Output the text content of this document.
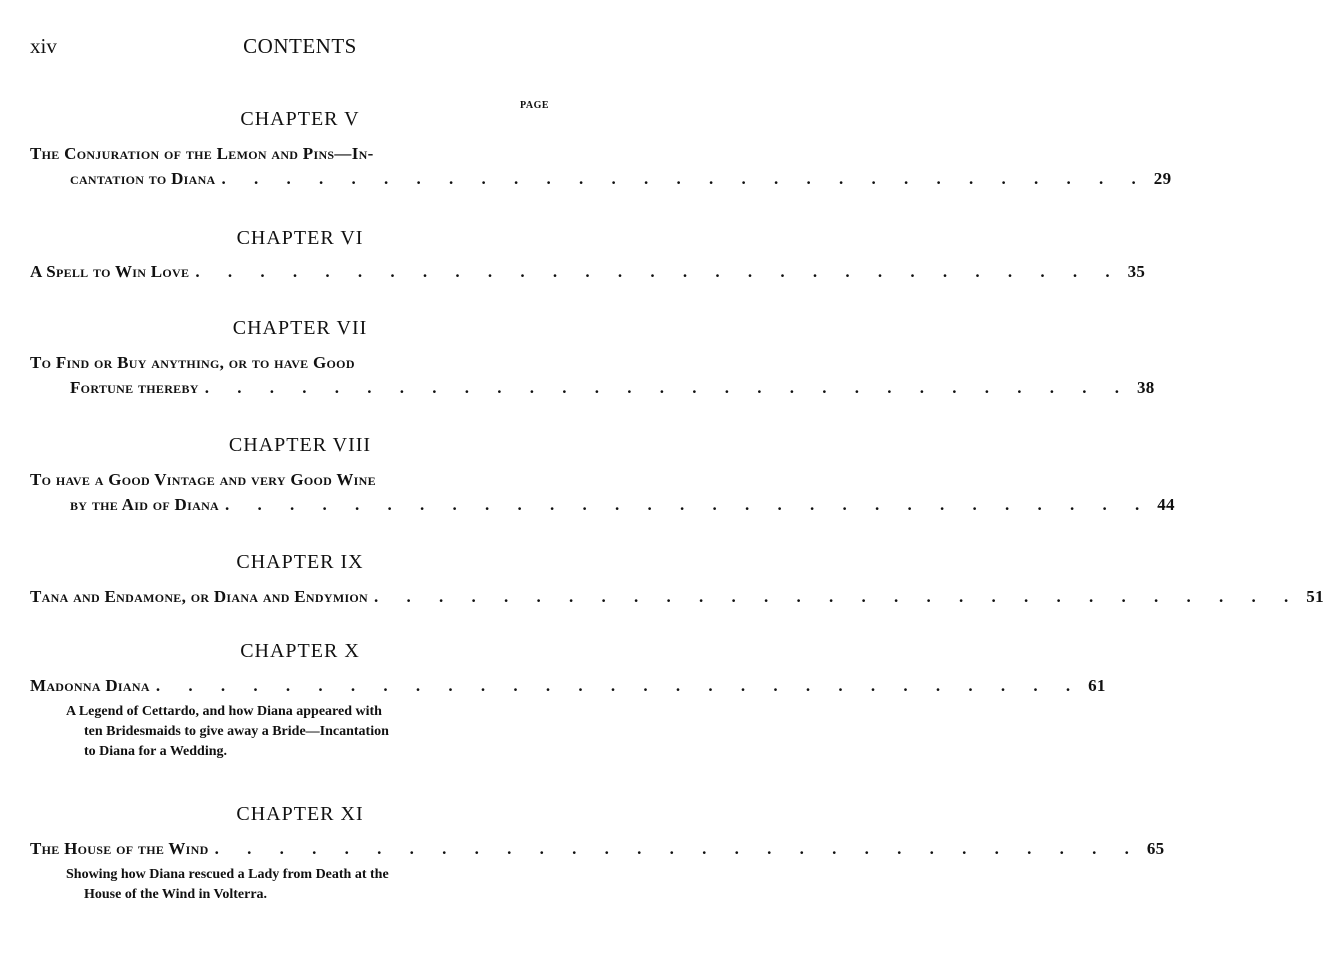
xiv	CONTENTS
PAGE
CHAPTER V
The Conjuration of the Lemon and Pins—In-
cantation to Diana . . . . . . . . . . . . . . . . . . . . . . . . . . . . . 29
CHAPTER VI
A Spell to Win Love . . . . . . . . . . . . . . . . . . . . . . . . . . . . . 35
CHAPTER VII
To Find or Buy anything, or to have Good
Fortune thereby . . . . . . . . . . . . . . . . . . . . . . . . . . . . . 38
CHAPTER VIII
To have a Good Vintage and very Good Wine
by the Aid of Diana . . . . . . . . . . . . . . . . . . . . . . . . . . . . . 44
CHAPTER IX
Tana and Endamone, or Diana and Endymion . . . . . . . . . . . . . . . . . . . . . . . . . . . . . 51
CHAPTER X
Madonna Diana . . . . . . . . . . . . . . . . . . . . . . . . . . . . . 61
A Legend of Cettardo, and how Diana appeared with
ten Bridesmaids to give away a Bride—Incantation
to Diana for a Wedding.
CHAPTER XI
The House of the Wind . . . . . . . . . . . . . . . . . . . . . . . . . . . . . 65
Showing how Diana rescued a Lady from Death at the
House of the Wind in Volterra.
